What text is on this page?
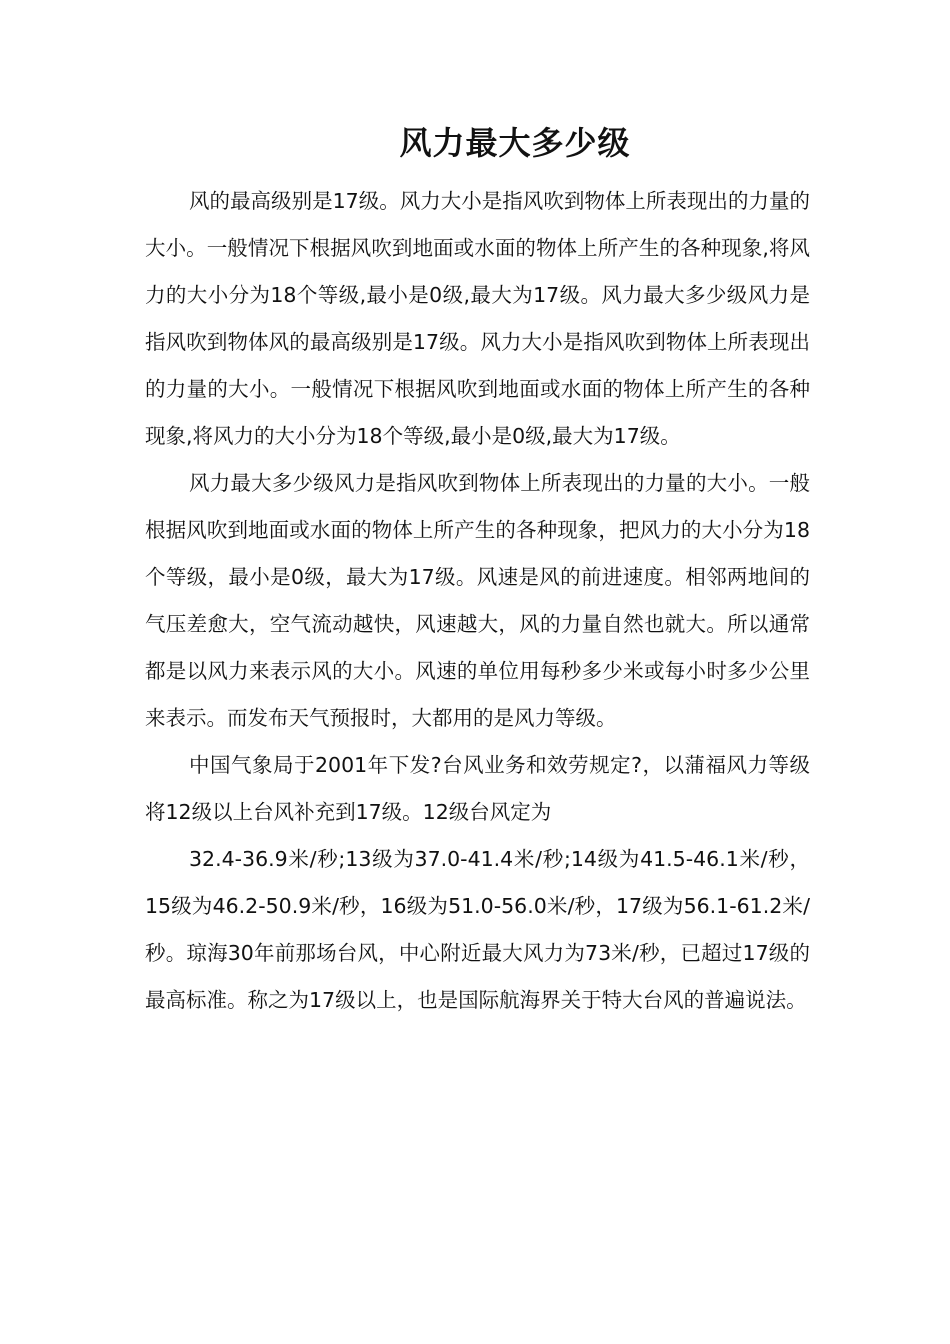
风力最大多少级

风的最高级别是17级。风力大小是指风吹到物体上所表现出的力量的大小。一般情况下根据风吹到地面或水面的物体上所产生的各种现象,将风力的大小分为18个等级,最小是0级,最大为17级。风力最大多少级风力是指风吹到物体风的最高级别是17级。风力大小是指风吹到物体上所表现出的力量的大小。一般情况下根据风吹到地面或水面的物体上所产生的各种现象,将风力的大小分为18个等级,最小是0级,最大为17级。

风力最大多少级风力是指风吹到物体上所表现出的力量的大小。一般根据风吹到地面或水面的物体上所产生的各种现象，把风力的大小分为18个等级，最小是0级，最大为17级。风速是风的前进速度。相邻两地间的气压差愈大，空气流动越快，风速越大，风的力量自然也就大。所以通常都是以风力来表示风的大小。风速的单位用每秒多少米或每小时多少公里来表示。而发布天气预报时，大都用的是风力等级。

中国气象局于2001年下发?台风业务和效劳规定?，以蒲福风力等级将12级以上台风补充到17级。12级台风定为

32.4-36.9米/秒;13级为37.0-41.4米/秒;14级为41.5-46.1米/秒，15级为46.2-50.9米/秒，16级为51.0-56.0米/秒，17级为56.1-61.2米/秒。琼海30年前那场台风，中心附近最大风力为73米/秒，已超过17级的最高标准。称之为17级以上，也是国际航海界关于特大台风的普遍说法。
